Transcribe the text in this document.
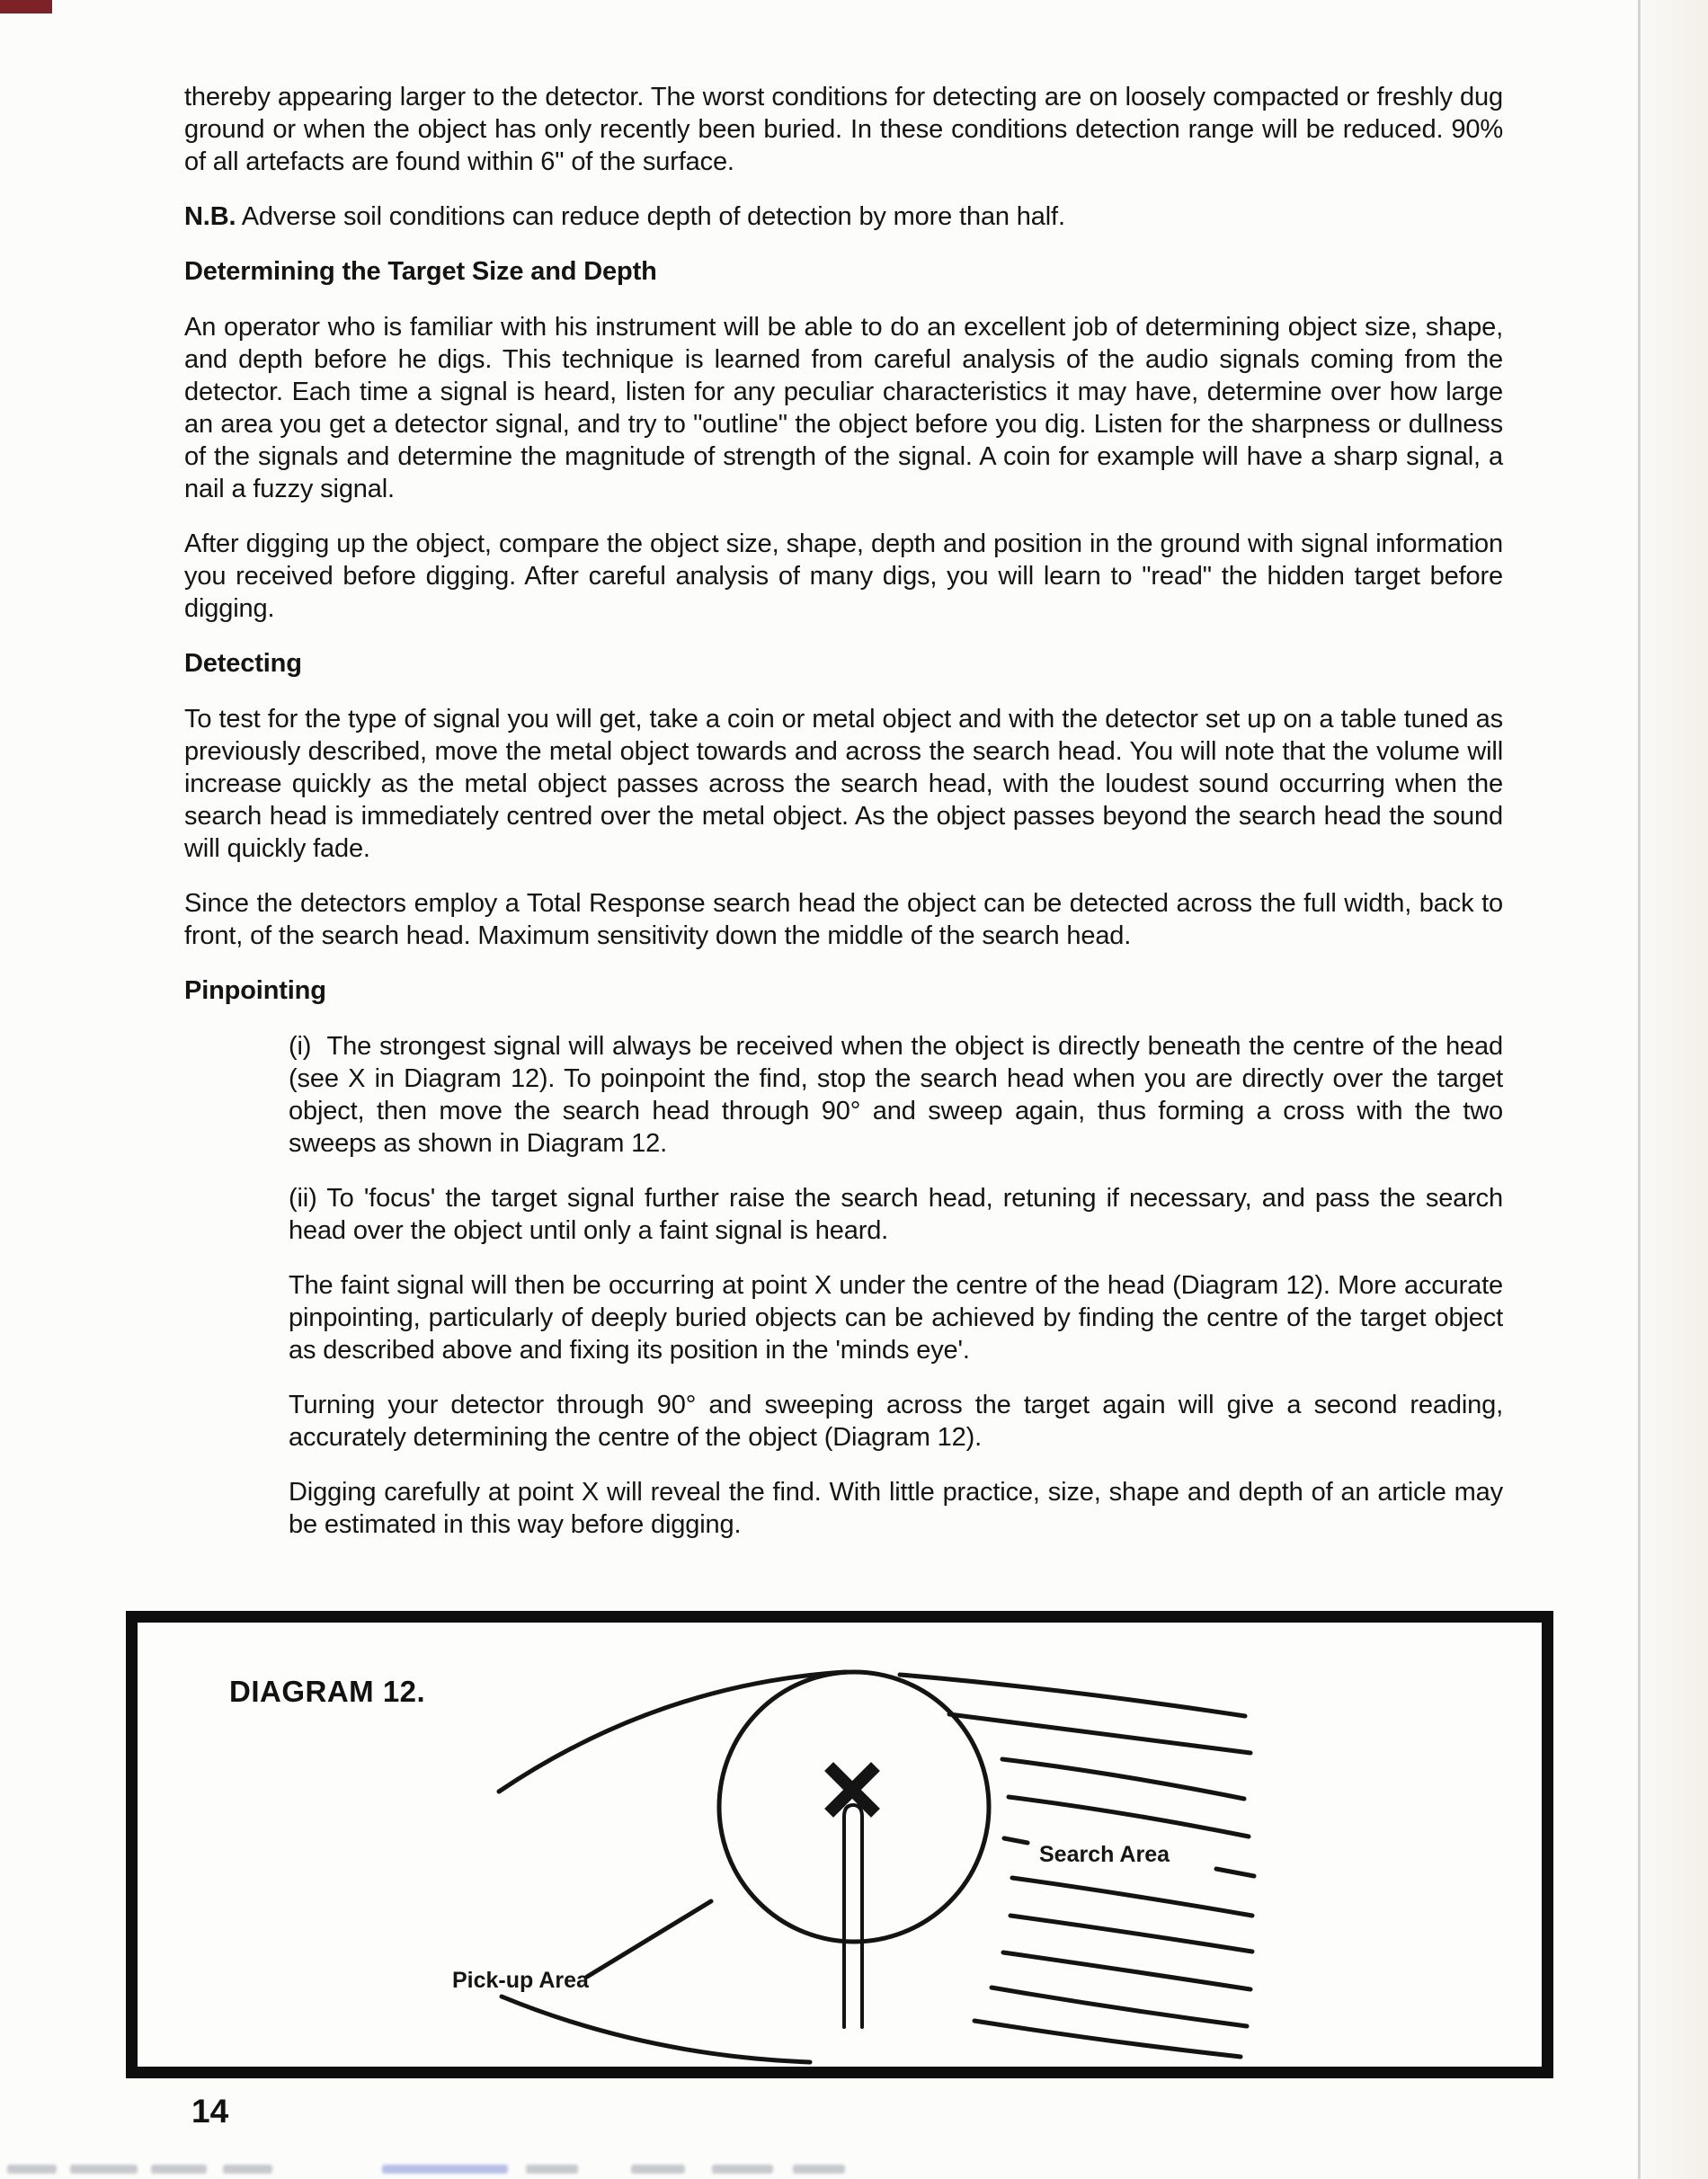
thereby appearing larger to the detector. The worst conditions for detecting are on loosely compacted or freshly dug ground or when the object has only recently been buried. In these conditions detection range will be reduced. 90% of all artefacts are found within 6" of the surface.

N.B. Adverse soil conditions can reduce depth of detection by more than half.

Determining the Target Size and Depth

An operator who is familiar with his instrument will be able to do an excellent job of determining object size, shape, and depth before he digs. This technique is learned from careful analysis of the audio signals coming from the detector. Each time a signal is heard, listen for any peculiar characteristics it may have, determine over how large an area you get a detector signal, and try to "outline" the object before you dig. Listen for the sharpness or dullness of the signals and determine the magnitude of strength of the signal. A coin for example will have a sharp signal, a nail a fuzzy signal.

After digging up the object, compare the object size, shape, depth and position in the ground with signal information you received before digging. After careful analysis of many digs, you will learn to "read" the hidden target before digging.

Detecting

To test for the type of signal you will get, take a coin or metal object and with the detector set up on a table tuned as previously described, move the metal object towards and across the search head. You will note that the volume will increase quickly as the metal object passes across the search head, with the loudest sound occurring when the search head is immediately centred over the metal object. As the object passes beyond the search head the sound will quickly fade.

Since the detectors employ a Total Response search head the object can be detected across the full width, back to front, of the search head. Maximum sensitivity down the middle of the search head.

Pinpointing

(i)  The strongest signal will always be received when the object is directly beneath the centre of the head (see X in Diagram 12). To poinpoint the find, stop the search head when you are directly over the target object, then move the search head through 90° and sweep again, thus forming a cross with the two sweeps as shown in Diagram 12.

(ii) To 'focus' the target signal further raise the search head, retuning if necessary, and pass the search head over the object until only a faint signal is heard.

The faint signal will then be occurring at point X under the centre of the head (Diagram 12). More accurate pinpointing, particularly of deeply buried objects can be achieved by finding the centre of the target object as described above and fixing its position in the 'minds eye'.

Turning your detector through 90° and sweeping across the target again will give a second reading, accurately determining the centre of the object (Diagram 12).

Digging carefully at point X will reveal the find. With little practice, size, shape and depth of an article may be estimated in this way before digging.

DIAGRAM 12.
Search Area
Pick-up Area
14
